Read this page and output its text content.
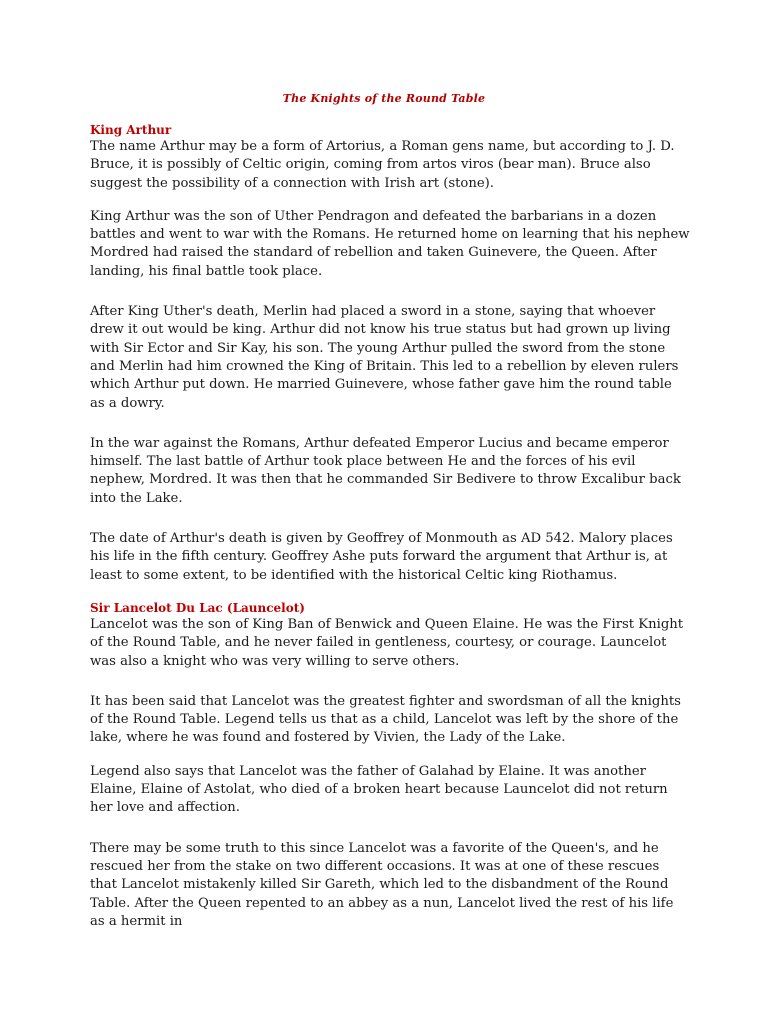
The Knights of the Round Table

King Arthur

The name Arthur may be a form of Artorius, a Roman gens name, but according to J. D. Bruce, it is possibly of Celtic origin, coming from artos viros (bear man). Bruce also suggest the possibility of a connection with Irish art (stone).

King Arthur was the son of Uther Pendragon and defeated the barbarians in a dozen battles and went to war with the Romans. He returned home on learning that his nephew Mordred had raised the standard of rebellion and taken Guinevere, the Queen. After landing, his final battle took place.

After King Uther's death, Merlin had placed a sword in a stone, saying that whoever drew it out would be king. Arthur did not know his true status but had grown up living with Sir Ector and Sir Kay, his son. The young Arthur pulled the sword from the stone and Merlin had him crowned the King of Britain. This led to a rebellion by eleven rulers which Arthur put down. He married Guinevere, whose father gave him the round table as a dowry.

In the war against the Romans, Arthur defeated Emperor Lucius and became emperor himself. The last battle of Arthur took place between He and the forces of his evil nephew, Mordred. It was then that he commanded Sir Bedivere to throw Excalibur back into the Lake.

The date of Arthur's death is given by Geoffrey of Monmouth as AD 542. Malory places his life in the fifth century. Geoffrey Ashe puts forward the argument that Arthur is, at least to some extent, to be identified with the historical Celtic king Riothamus.

Sir Lancelot Du Lac (Launcelot)

Lancelot was the son of King Ban of Benwick and Queen Elaine. He was the First Knight of the Round Table, and he never failed in gentleness, courtesy, or courage. Launcelot was also a knight who was very willing to serve others.

It has been said that Lancelot was the greatest fighter and swordsman of all the knights of the Round Table. Legend tells us that as a child, Lancelot was left by the shore of the lake, where he was found and fostered by Vivien, the Lady of the Lake.

Legend also says that Lancelot was the father of Galahad by Elaine. It was another Elaine, Elaine of Astolat, who died of a broken heart because Launcelot did not return her love and affection.

There may be some truth to this since Lancelot was a favorite of the Queen's, and he rescued her from the stake on two different occasions. It was at one of these rescues that Lancelot mistakenly killed Sir Gareth, which led to the disbandment of the Round Table. After the Queen repented to an abbey as a nun, Lancelot lived the rest of his life as a hermit in
